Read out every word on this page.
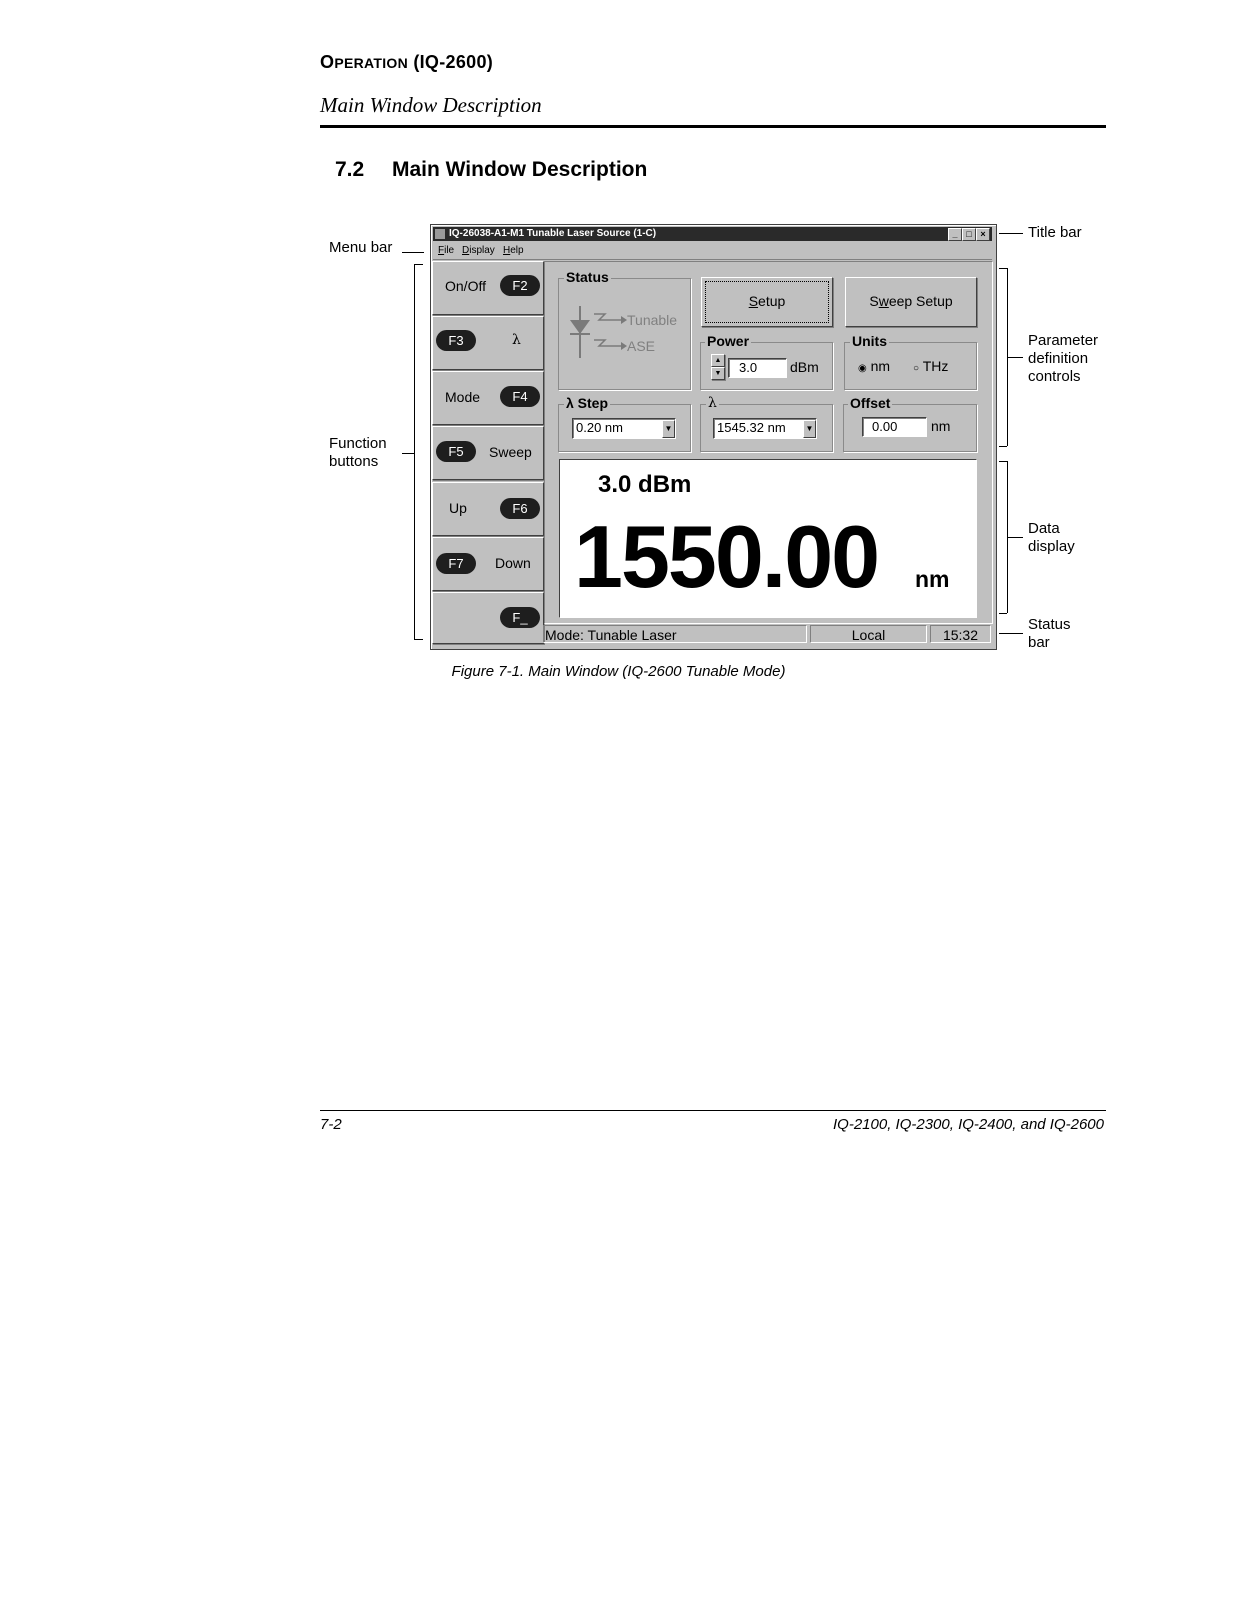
OPERATION (IQ-2600)
Main Window Description
7.2 Main Window Description
Title bar
Menu bar
Function
buttons
Parameter
definition
controls
Data
display
Status
bar
IQ-26038-A1-M1 Tunable Laser Source (1-C)	_ □ ×
File Display Help
On/Off	F2
F3	λ
Mode	F4
F5	Sweep
Up	F6
F7	Down
F_
Status
Tunable
ASE
Setup	Sweep Setup
Power
▲
▼	3.0	dBm
Units
◉ nm ○ THz
λ Step
0.20 nm	▼
λ
1545.32 nm	▼
Offset
0.00	nm
3.0 dBm
1550.00 nm
Mode: Tunable Laser	Local	15:32
Figure 7-1. Main Window (IQ-2600 Tunable Mode)
7-2	IQ-2100, IQ-2300, IQ-2400, and IQ-2600
